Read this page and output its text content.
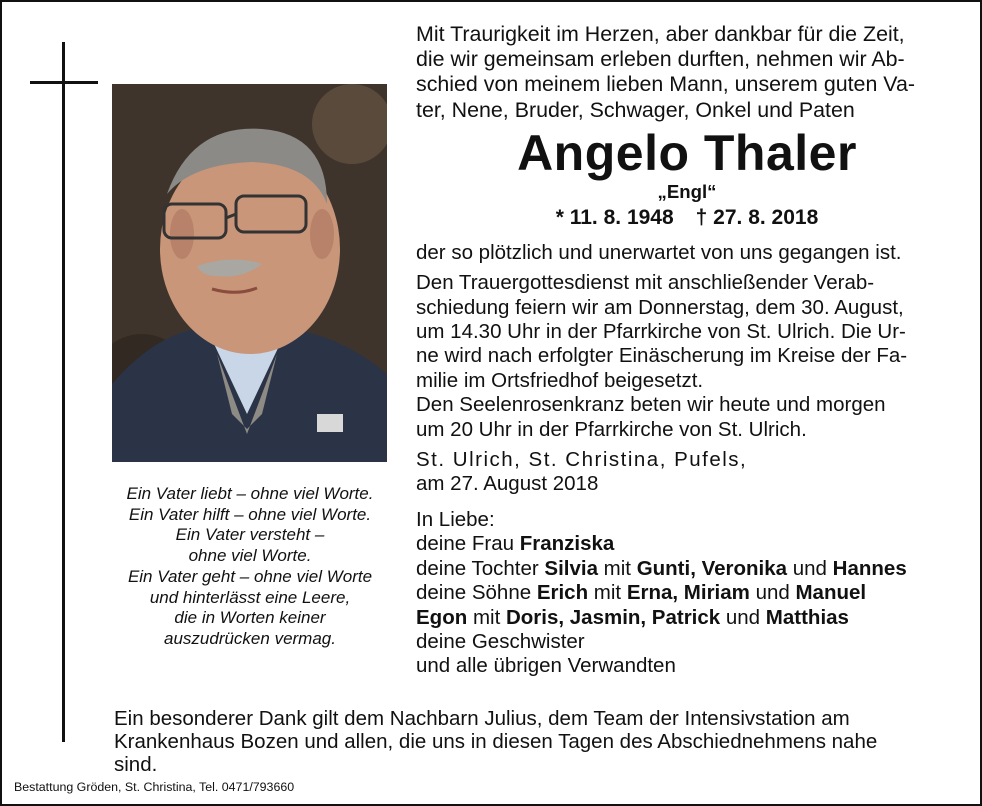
Ein Vater liebt – ohne viel Worte.
Ein Vater hilft – ohne viel Worte.
Ein Vater versteht –
ohne viel Worte.
Ein Vater geht – ohne viel Worte
und hinterlässt eine Leere,
die in Worten keiner
auszudrücken vermag.
Mit Traurigkeit im Herzen, aber dankbar für die Zeit,
die wir gemeinsam erleben durften, nehmen wir Ab-
schied von meinem lieben Mann, unserem guten Va-
ter, Nene, Bruder, Schwager, Onkel und Paten
Angelo Thaler
„Engl“
* 11. 8. 1948 † 27. 8. 2018
der so plötzlich und unerwartet von uns gegangen ist.
Den Trauergottesdienst mit anschließender Verab-
schiedung feiern wir am Donnerstag, dem 30. August,
um 14.30 Uhr in der Pfarrkirche von St. Ulrich. Die Ur-
ne wird nach erfolgter Einäscherung im Kreise der Fa-
milie im Ortsfriedhof beigesetzt.
Den Seelenrosenkranz beten wir heute und morgen
um 20 Uhr in der Pfarrkirche von St. Ulrich.
St. Ulrich, St. Christina, Pufels,
am 27. August 2018
In Liebe:
deine Frau Franziska
deine Tochter Silvia mit Gunti, Veronika und Hannes
deine Söhne Erich mit Erna, Miriam und Manuel
Egon mit Doris, Jasmin, Patrick und Matthias
deine Geschwister
und alle übrigen Verwandten
Ein besonderer Dank gilt dem Nachbarn Julius, dem Team der Intensivstation am
Krankenhaus Bozen und allen, die uns in diesen Tagen des Abschiednehmens nahe
sind.
Bestattung Gröden, St. Christina, Tel. 0471/793660
